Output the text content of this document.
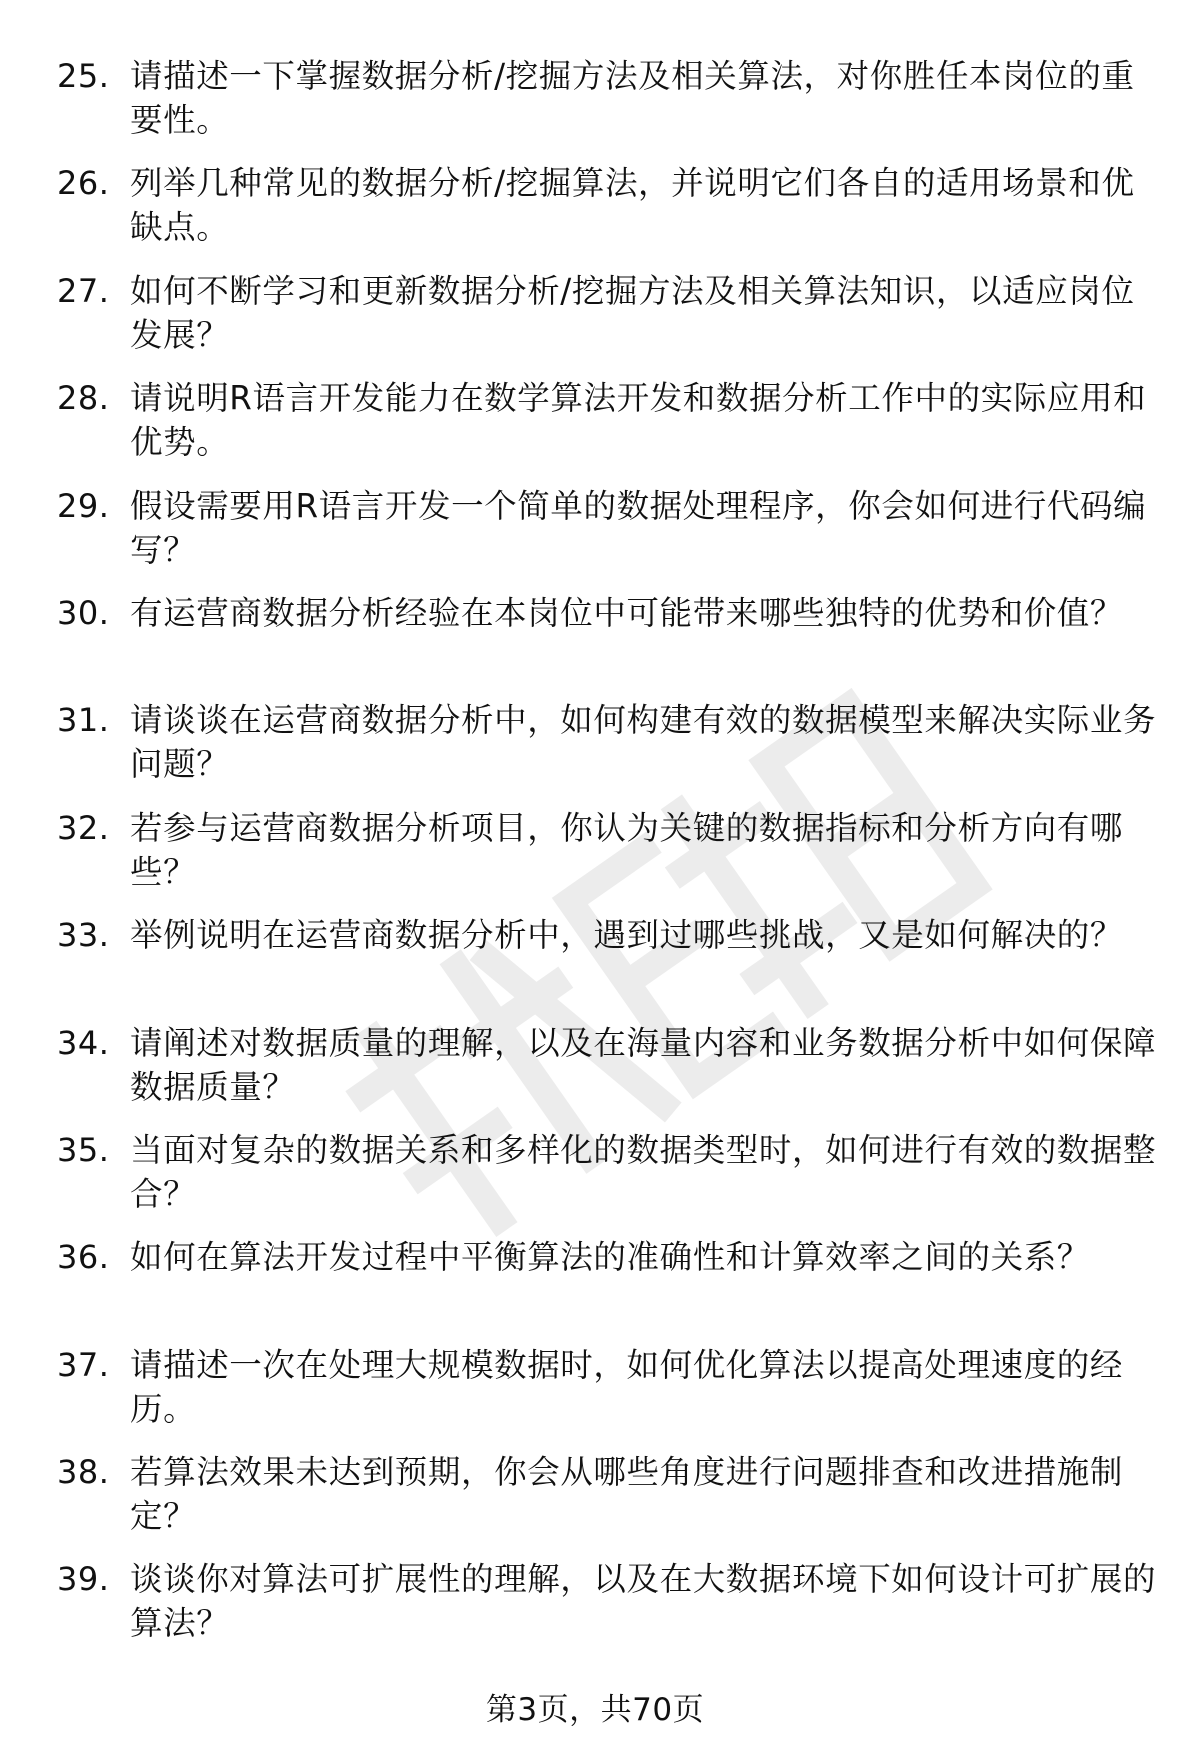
25. 请描述一下掌握数据分析/挖掘方法及相关算法，对你胜任本岗位的重要性。
26. 列举几种常见的数据分析/挖掘算法，并说明它们各自的适用场景和优缺点。
27. 如何不断学习和更新数据分析/挖掘方法及相关算法知识，以适应岗位发展？
28. 请说明R语言开发能力在数学算法开发和数据分析工作中的实际应用和优势。
29. 假设需要用R语言开发一个简单的数据处理程序，你会如何进行代码编写？
30. 有运营商数据分析经验在本岗位中可能带来哪些独特的优势和价值？
31. 请谈谈在运营商数据分析中，如何构建有效的数据模型来解决实际业务问题？
32. 若参与运营商数据分析项目，你认为关键的数据指标和分析方向有哪些？
33. 举例说明在运营商数据分析中，遇到过哪些挑战，又是如何解决的？
34. 请阐述对数据质量的理解，以及在海量内容和业务数据分析中如何保障数据质量？
35. 当面对复杂的数据关系和多样化的数据类型时，如何进行有效的数据整合？
36. 如何在算法开发过程中平衡算法的准确性和计算效率之间的关系？
37. 请描述一次在处理大规模数据时，如何优化算法以提高处理速度的经历。
38. 若算法效果未达到预期，你会从哪些角度进行问题排查和改进措施制定？
39. 谈谈你对算法可扩展性的理解，以及在大数据环境下如何设计可扩展的算法？
第3页，共70页
